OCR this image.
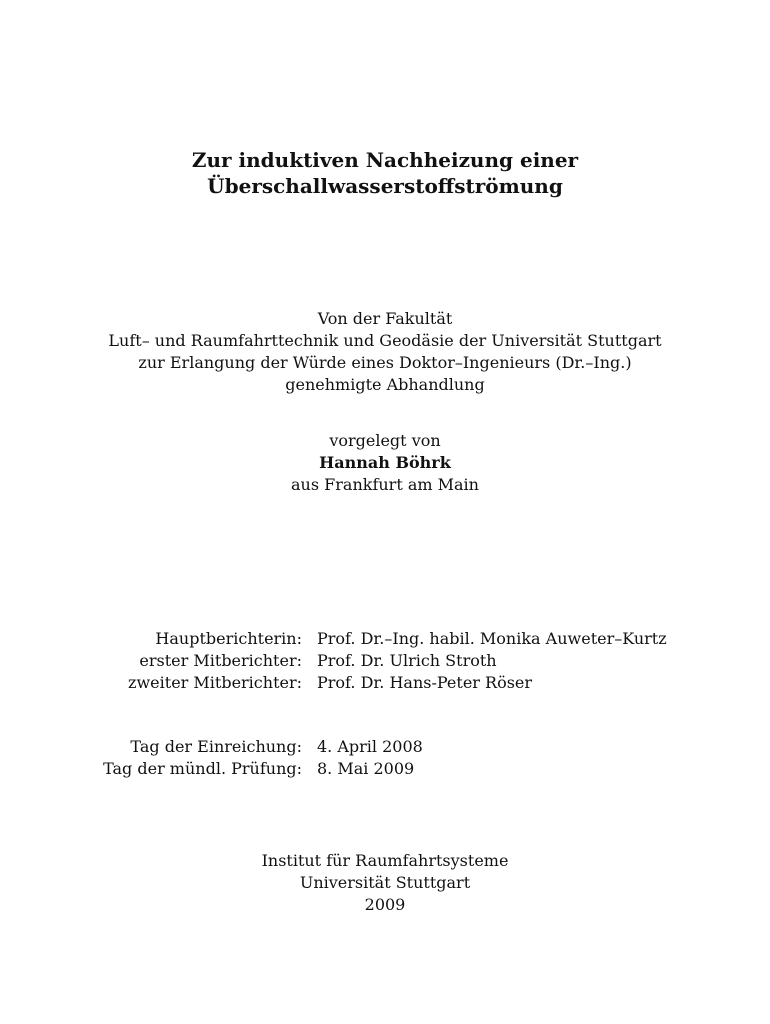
Zur induktiven Nachheizung einer
Überschallwasserstoffströmung
Von der Fakultät
Luft– und Raumfahrttechnik und Geodäsie der Universität Stuttgart
zur Erlangung der Würde eines Doktor–Ingenieurs (Dr.–Ing.)
genehmigte Abhandlung
vorgelegt von
Hannah Böhrk
aus Frankfurt am Main
Hauptberichterin: Prof. Dr.–Ing. habil. Monika Auweter–Kurtz
erster Mitberichter: Prof. Dr. Ulrich Stroth
zweiter Mitberichter: Prof. Dr. Hans-Peter Röser
Tag der Einreichung: 4. April 2008
Tag der mündl. Prüfung: 8. Mai 2009
Institut für Raumfahrtsysteme
Universität Stuttgart
2009
